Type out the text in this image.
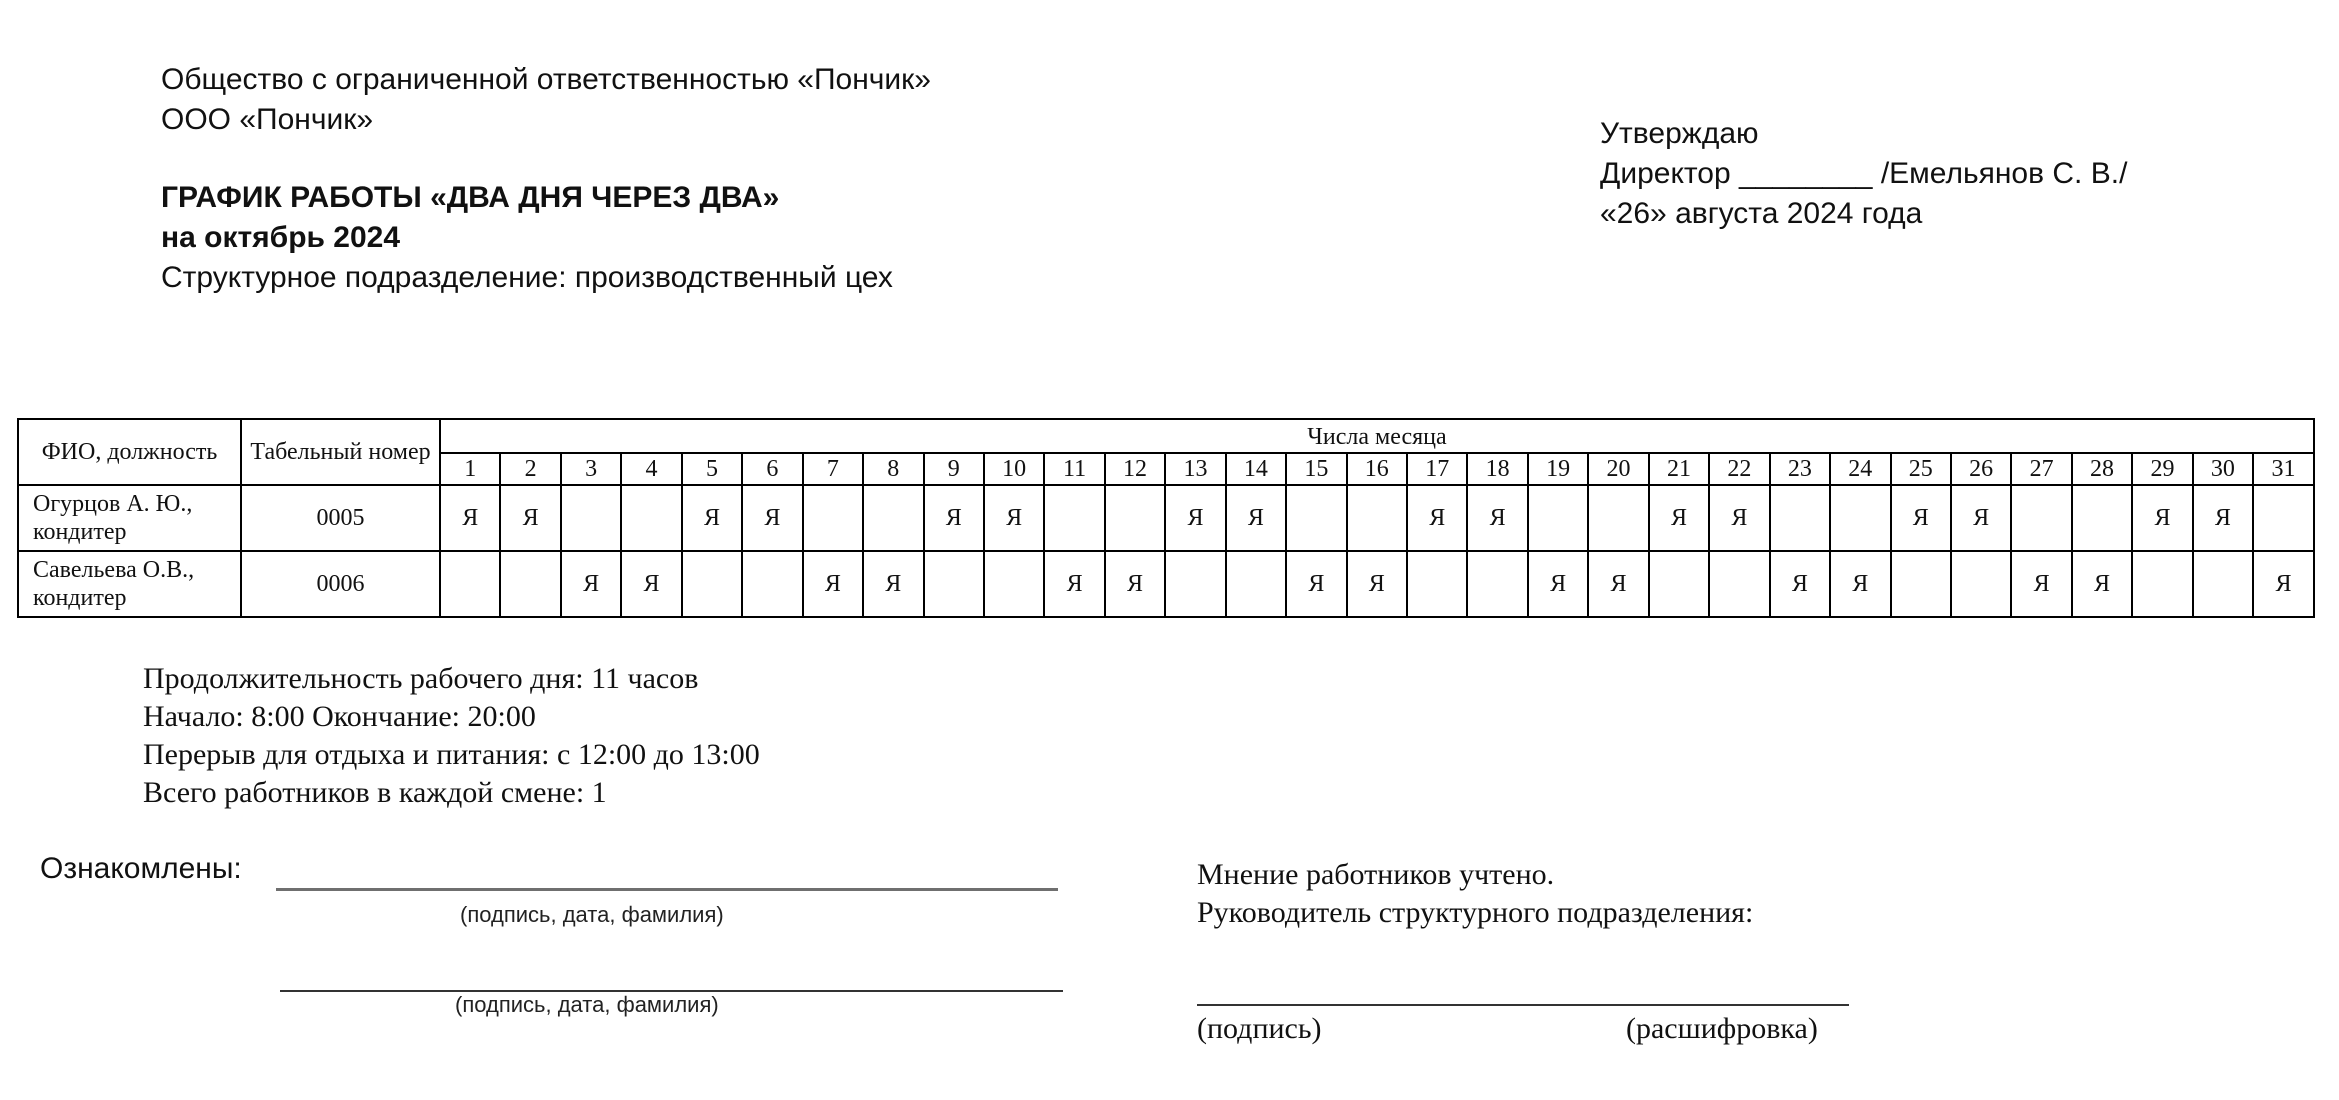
Общество с ограниченной ответственностью «Пончик»
ООО «Пончик»
ГРАФИК РАБОТЫ «ДВА ДНЯ ЧЕРЕЗ ДВА»
на октябрь 2024
Структурное подразделение: производственный цех
Утверждаю
Директор ________ /Емельянов С. В./
«26» августа 2024 года
ФИО, должность	Табельный номер	Числа месяца																														
		1	2	3	4	5	6	7	8	9	10	11	12	13	14	15	16	17	18	19	20	21	22	23	24	25	26	27	28	29	30	31
Огурцов А. Ю., кондитер	0005	Я	Я			Я	Я			Я	Я			Я	Я			Я	Я			Я	Я			Я	Я			Я	Я	
Савельева О.В., кондитер	0006			Я	Я			Я	Я			Я	Я			Я	Я			Я	Я			Я	Я			Я	Я			Я
Продолжительность рабочего дня: 11 часов
Начало: 8:00 Окончание: 20:00
Перерыв для отдыха и питания: с 12:00 до 13:00
Всего работников в каждой смене: 1
Ознакомлены:
(подпись, дата, фамилия)
(подпись, дата, фамилия)
Мнение работников учтено.
Руководитель структурного подразделения:
(подпись)	(расшифровка)
